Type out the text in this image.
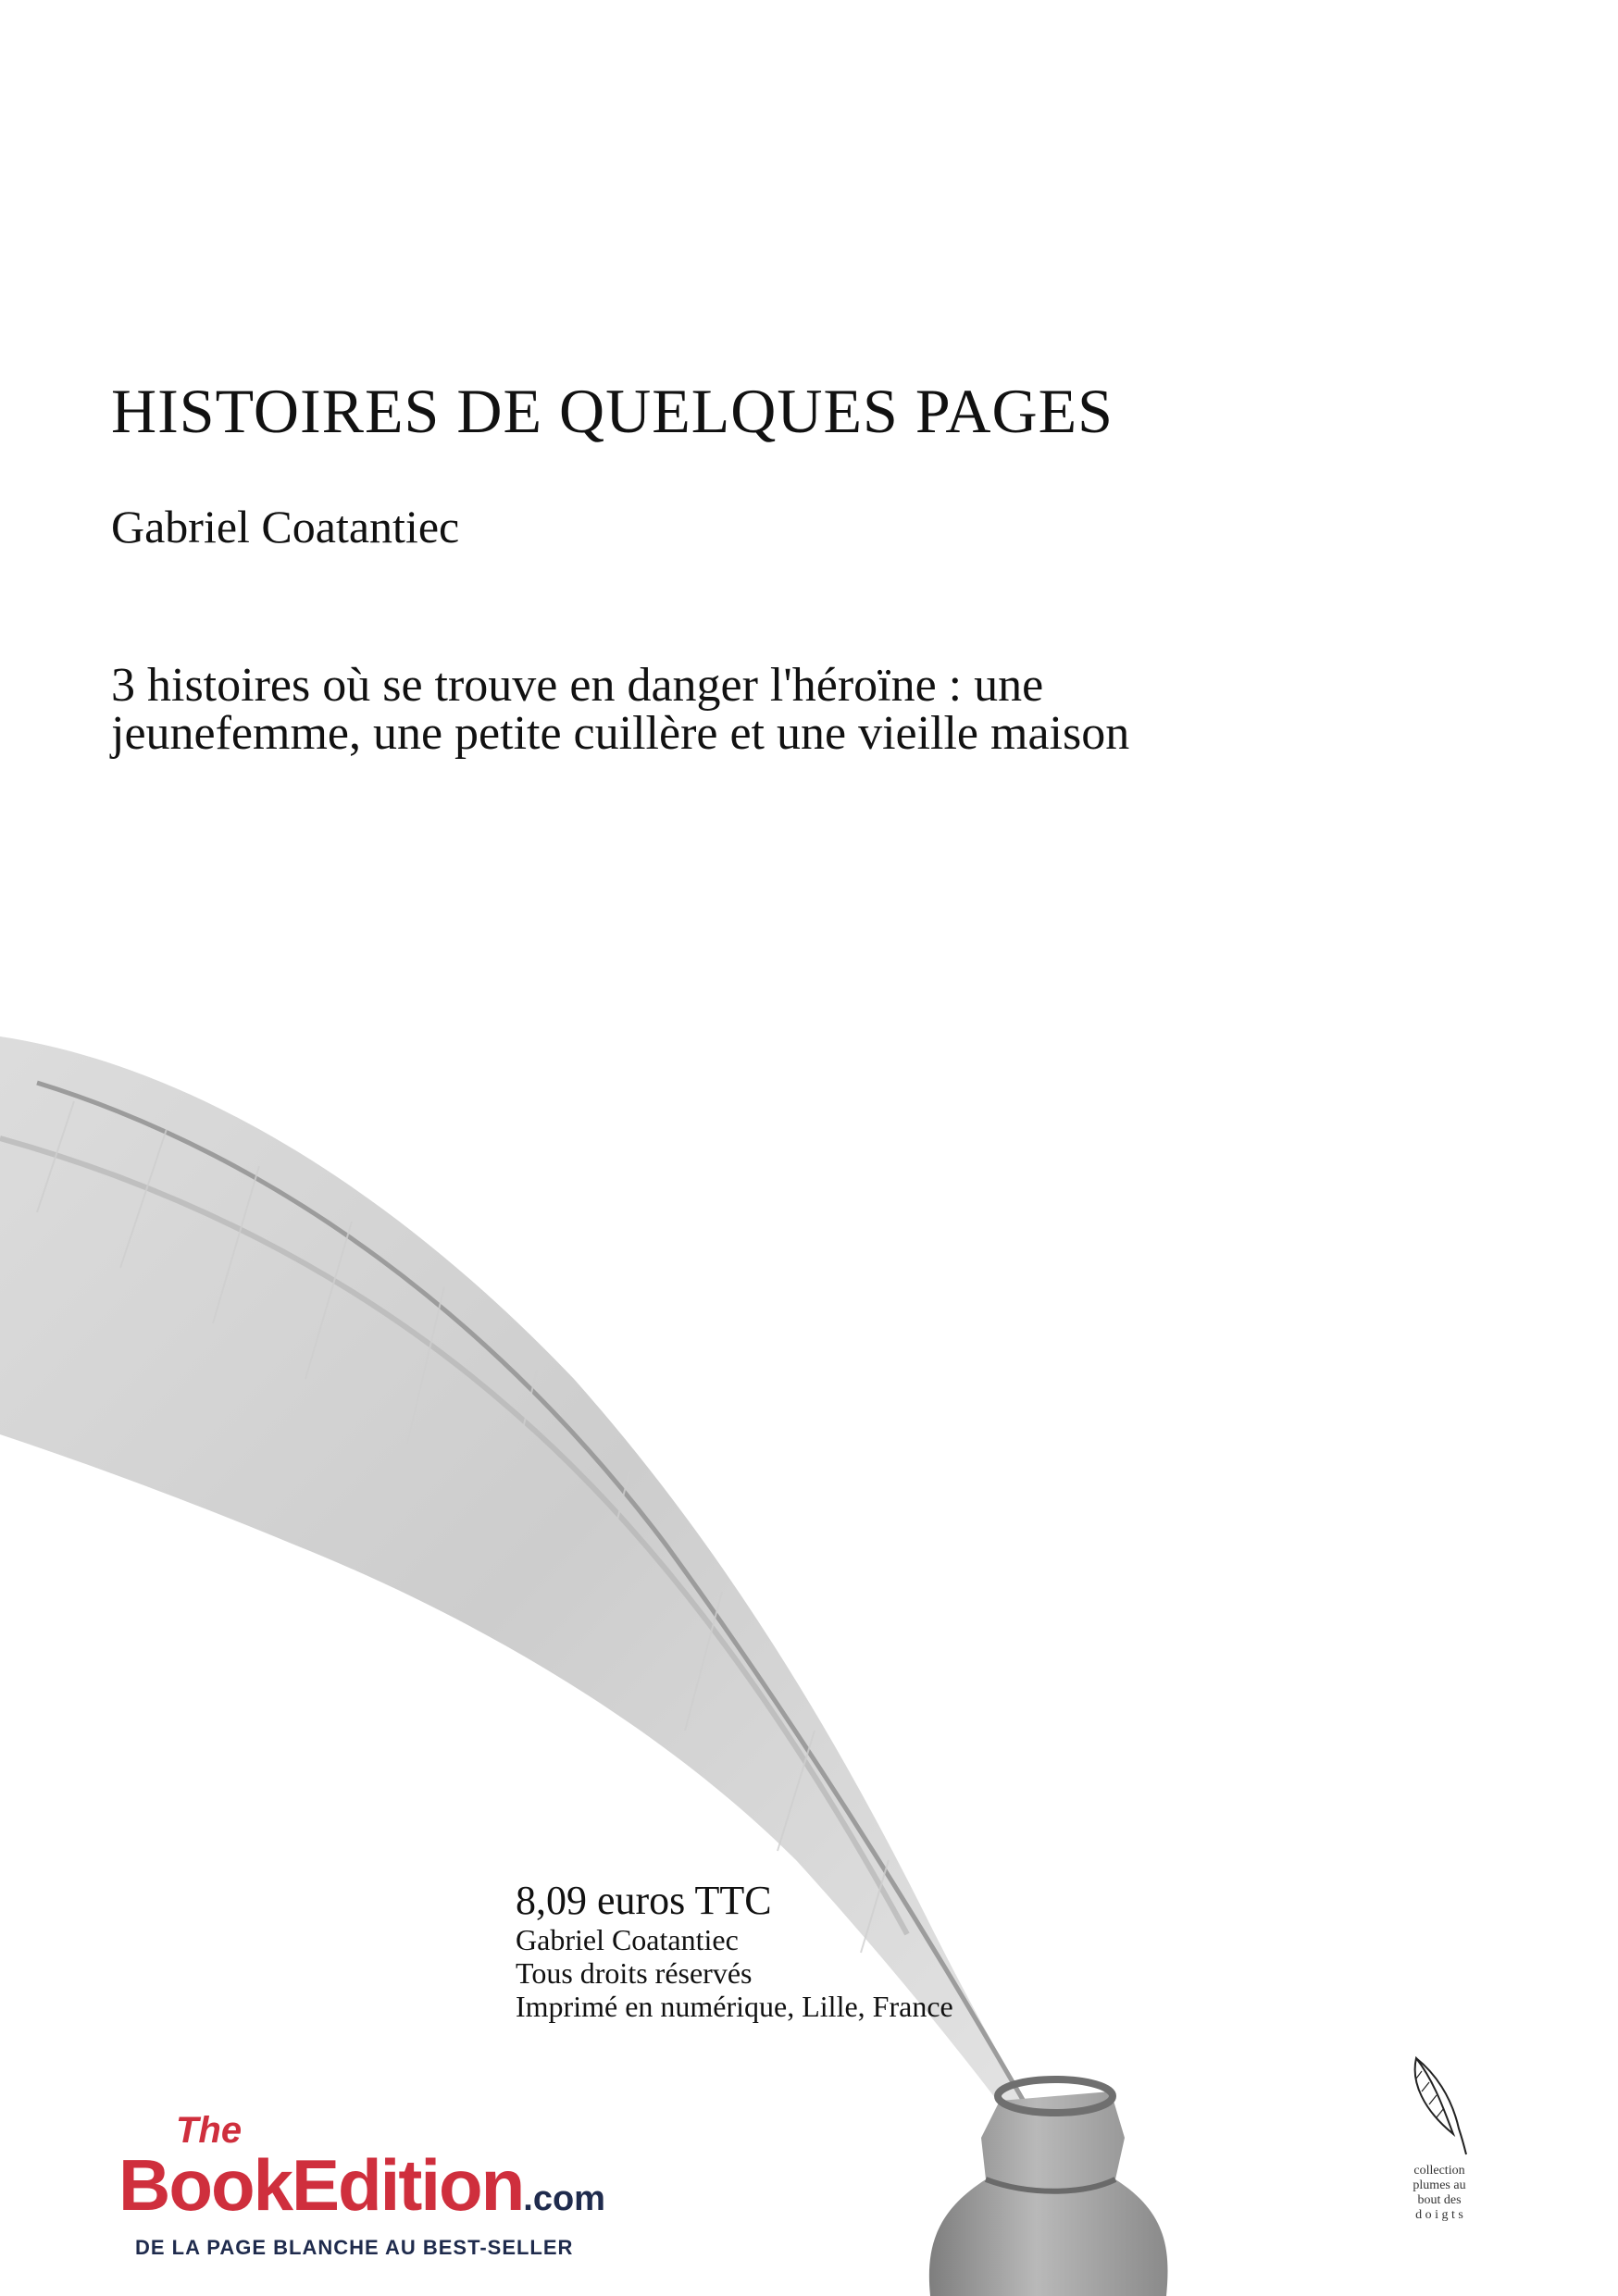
HISTOIRES DE QUELQUES PAGES
Gabriel Coatantiec
3 histoires où se trouve en danger l'héroïne : une jeunefemme, une petite cuillère et une vieille maison
8,09 euros TTC
Gabriel Coatantiec
Tous droits réservés
Imprimé en numérique, Lille, France
The
BookEdition.com
DE LA PAGE BLANCHE AU BEST-SELLER
collection
plumes au
bout des
d o i g t s
